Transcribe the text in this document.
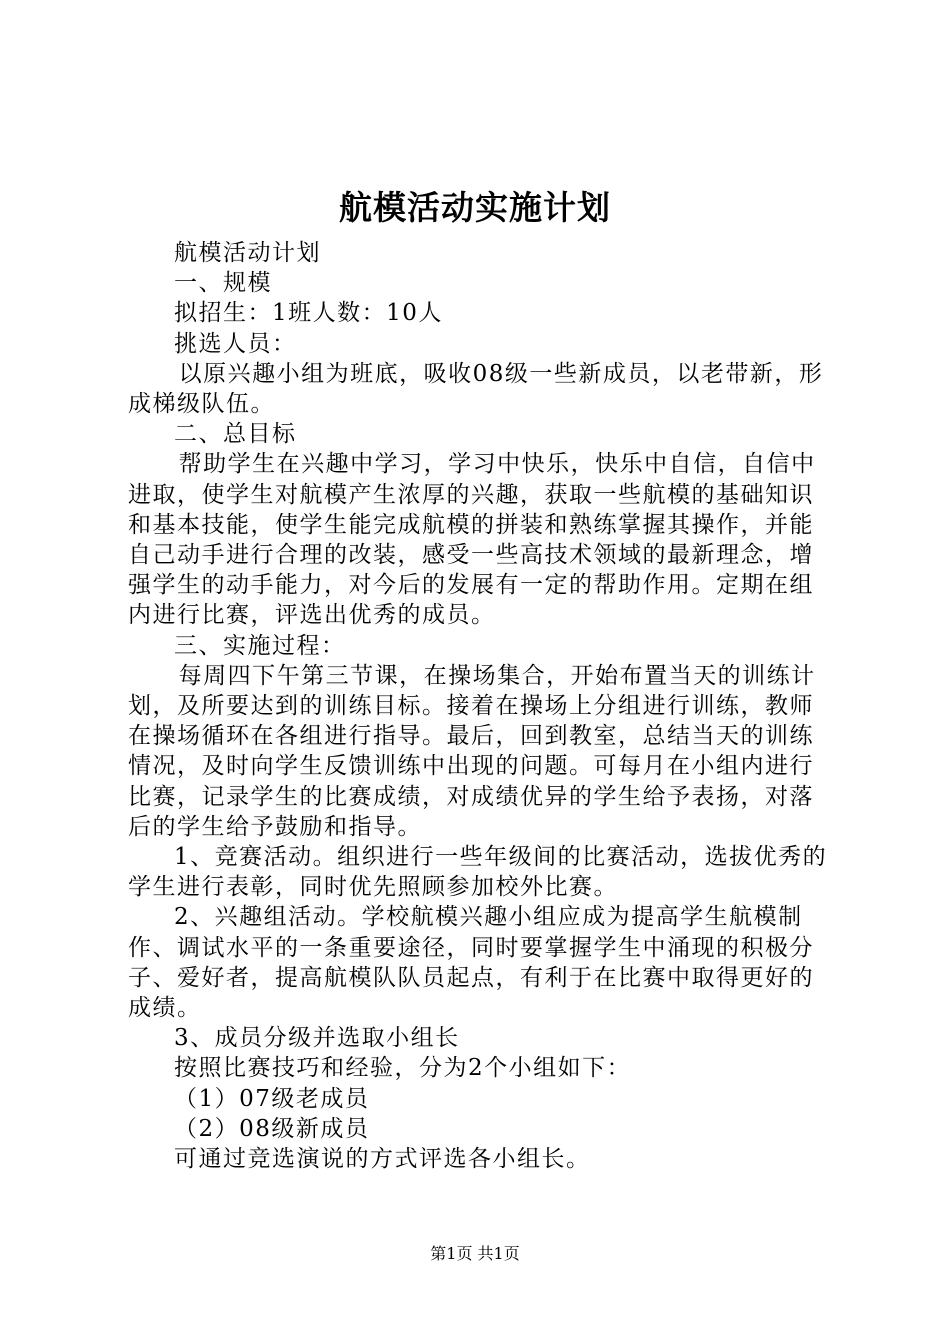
航模活动实施计划

航模活动计划

一、规模

拟招生：1班人数：10人

挑选人员：

以原兴趣小组为班底，吸收08级一些新成员，以老带新，形成梯级队伍。

二、总目标

帮助学生在兴趣中学习，学习中快乐，快乐中自信，自信中进取，使学生对航模产生浓厚的兴趣，获取一些航模的基础知识和基本技能，使学生能完成航模的拼装和熟练掌握其操作，并能自己动手进行合理的改装，感受一些高技术领域的最新理念，增强学生的动手能力，对今后的发展有一定的帮助作用。定期在组内进行比赛，评选出优秀的成员。

三、实施过程：

每周四下午第三节课，在操场集合，开始布置当天的训练计划，及所要达到的训练目标。接着在操场上分组进行训练，教师在操场循环在各组进行指导。最后，回到教室，总结当天的训练情况，及时向学生反馈训练中出现的问题。可每月在小组内进行比赛，记录学生的比赛成绩，对成绩优异的学生给予表扬，对落后的学生给予鼓励和指导。

1、竞赛活动。组织进行一些年级间的比赛活动，选拔优秀的学生进行表彰，同时优先照顾参加校外比赛。

2、兴趣组活动。学校航模兴趣小组应成为提高学生航模制作、调试水平的一条重要途径，同时要掌握学生中涌现的积极分子、爱好者，提高航模队队员起点，有利于在比赛中取得更好的成绩。

3、成员分级并选取小组长

按照比赛技巧和经验，分为2个小组如下：

（1）07级老成员

（2）08级新成员

可通过竞选演说的方式评选各小组长。

第1页 共1页
